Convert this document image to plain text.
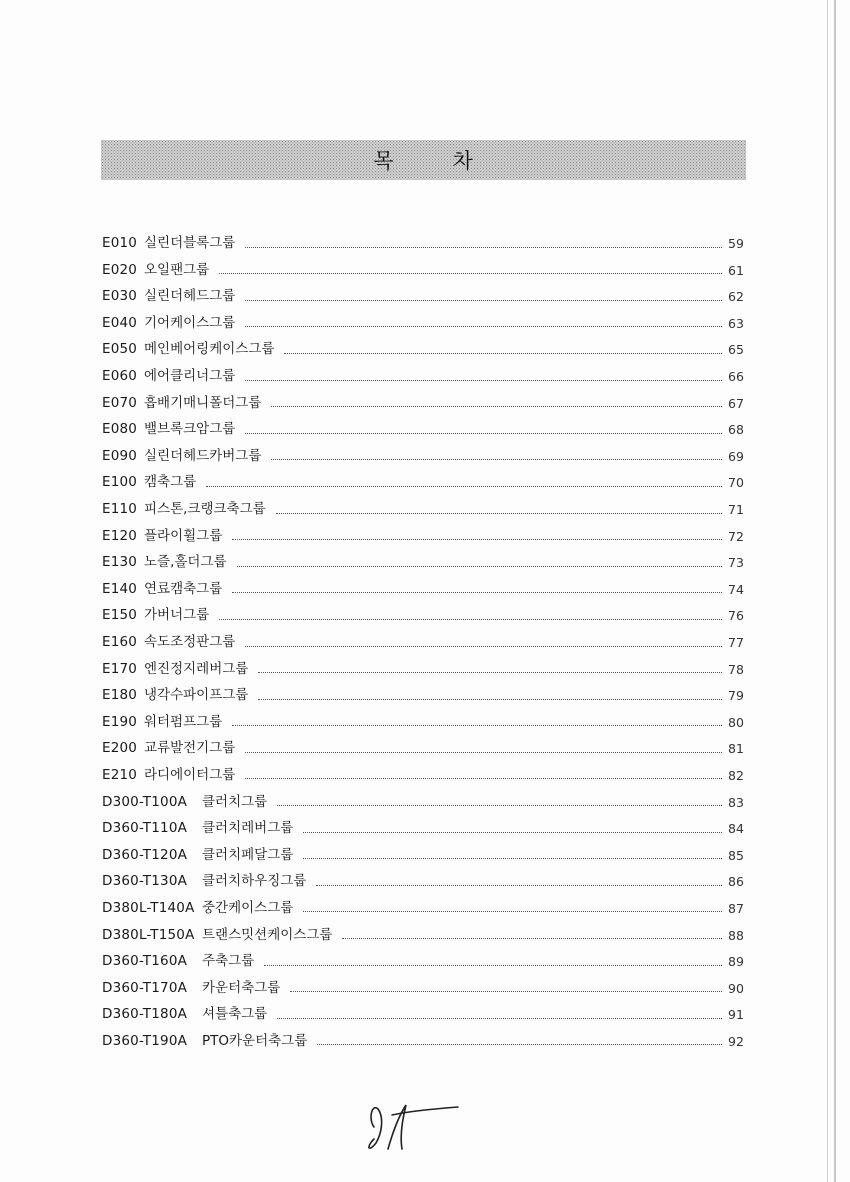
목	차
E010 실린더블록그룹	59
E020 오일팬그룹	61
E030 실린더헤드그룹	62
E040 기어케이스그룹	63
E050 메인베어링케이스그룹	65
E060 에어클리너그룹	66
E070 흡배기매니폴더그룹	67
E080 밸브록크암그룹	68
E090 실린더헤드카버그룹	69
E100 캠축그룹	70
E110 피스톤,크랭크축그룹	71
E120 플라이휠그룹	72
E130 노즐,홀더그룹	73
E140 연료캠축그룹	74
E150 가버너그룹	76
E160 속도조정판그룹	77
E170 엔진정지레버그룹	78
E180 냉각수파이프그룹	79
E190 워터펌프그룹	80
E200 교류발전기그룹	81
E210 라디에이터그룹	82
D300-T100A	클러치그룹	83
D360-T110A	클러치레버그룹	84
D360-T120A	클러치페달그룹	85
D360-T130A	클러치하우징그룹	86
D380L-T140A 중간케이스그룹	87
D380L-T150A 트랜스밋션케이스그룹	88
D360-T160A	주축그룹	89
D360-T170A	카운터축그룹	90
D360-T180A	셔틀축그룹	91
D360-T190A	PTO카운터축그룹	92
